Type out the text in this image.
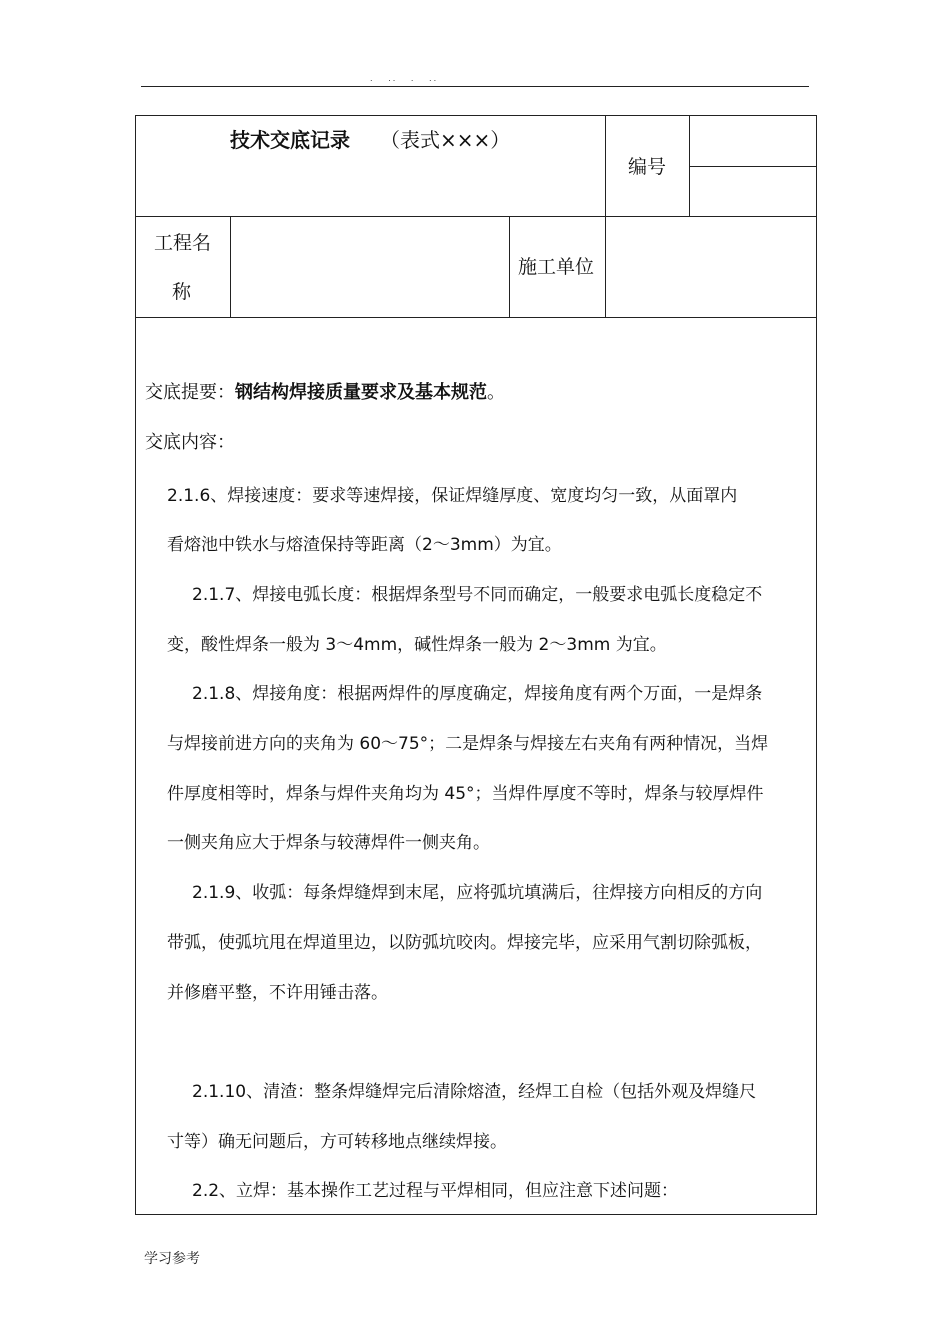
.   ..   .   ..
技术交底记录 （表式×××）
编号
工程名
称
施工单位
交底提要：钢结构焊接质量要求及基本规范。
交底内容：
2.1.6、焊接速度：要求等速焊接，保证焊缝厚度、宽度均匀一致，从面罩内
看熔池中铁水与熔渣保持等距离（2～3mm）为宜。
2.1.7、焊接电弧长度：根据焊条型号不同而确定，一般要求电弧长度稳定不
变，酸性焊条一般为 3～4mm，碱性焊条一般为 2～3mm 为宜。
2.1.8、焊接角度：根据两焊件的厚度确定，焊接角度有两个万面，一是焊条
与焊接前进方向的夹角为 60～75°；二是焊条与焊接左右夹角有两种情况，当焊
件厚度相等时，焊条与焊件夹角均为 45°；当焊件厚度不等时，焊条与较厚焊件
一侧夹角应大于焊条与较薄焊件一侧夹角。
2.1.9、收弧：每条焊缝焊到末尾，应将弧坑填满后，往焊接方向相反的方向
带弧，使弧坑甩在焊道里边，以防弧坑咬肉。焊接完毕，应采用气割切除弧板，
并修磨平整，不许用锤击落。
2.1.10、清渣：整条焊缝焊完后清除熔渣，经焊工自检（包括外观及焊缝尺
寸等）确无问题后，方可转移地点继续焊接。
2.2、立焊：基本操作工艺过程与平焊相同，但应注意下述问题：
学习参考
